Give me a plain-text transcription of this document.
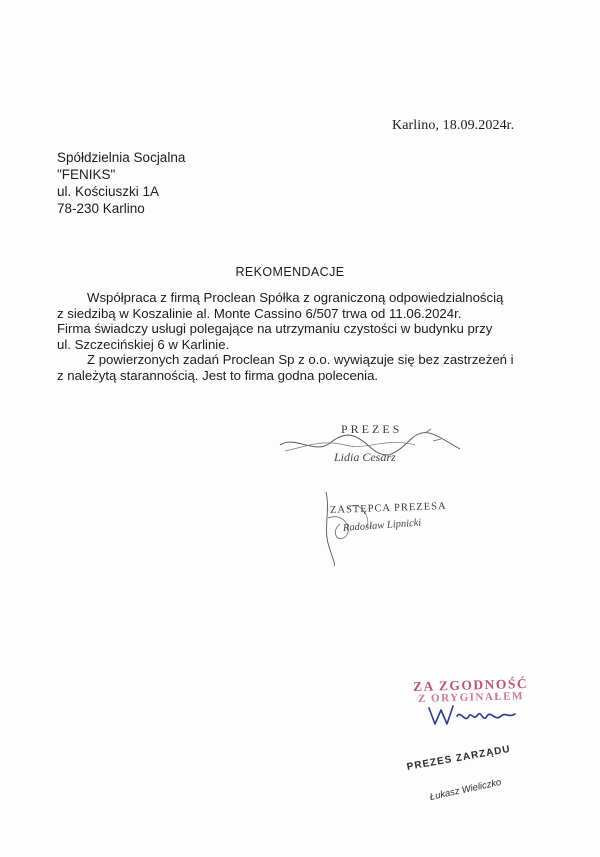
Karlino, 18.09.2024r.
Spółdzielnia Socjalna
"FENIKS"
ul. Kościuszki 1A
78-230 Karlino
REKOMENDACJE
Współpraca z firmą Proclean Spółka z ograniczoną odpowiedzialnością
z siedzibą w Koszalinie al. Monte Cassino 6/507 trwa od 11.06.2024r.
Firma świadczy usługi polegające na utrzymaniu czystości w budynku przy
ul. Szczecińskiej 6 w Karlinie.
Z powierzonych zadań Proclean Sp z o.o. wywiązuje się bez zastrzeżeń i
z należytą starannością. Jest to firma godna polecenia.
PREZES
Lidia Cesarz
ZASTĘPCA PREZESA
Radosław Lipnicki
ZA ZGODNOŚĆ
Z ORYGINAŁEM
PREZES ZARZĄDU
Łukasz Wieliczko
